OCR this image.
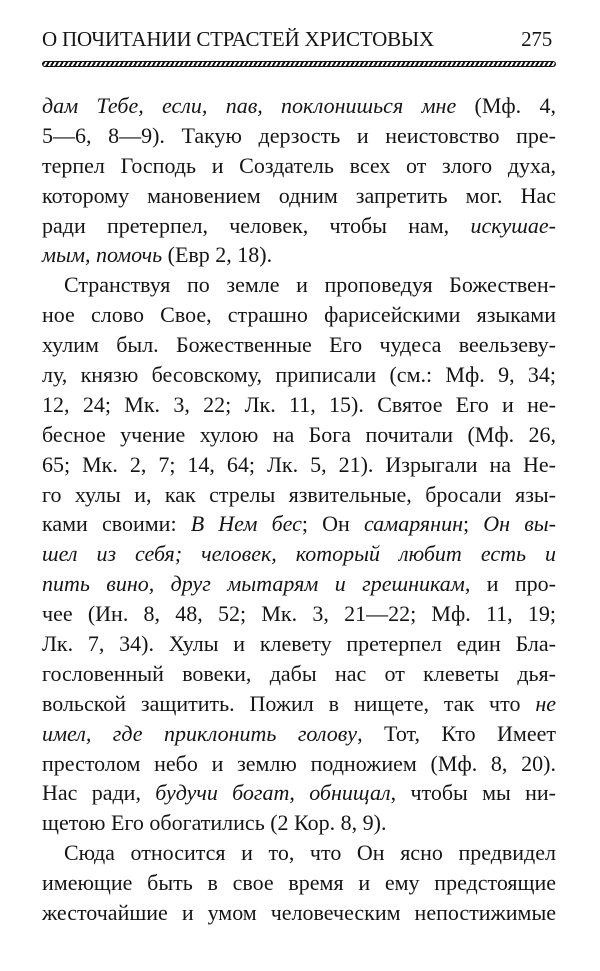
О ПОЧИТАНИИ СТРАСТЕЙ ХРИСТОВЫХ	275
дам Тебе, если, пав, поклонишься мне (Мф. 4,
5—6, 8—9). Такую дерзость и неистовство пре-
терпел Господь и Создатель всех от злого духа,
которому мановением одним запретить мог. Нас
ради претерпел, человек, чтобы нам, искушае-
мым, помочь (Евр 2, 18).
Странствуя по земле и проповедуя Божествен-
ное слово Свое, страшно фарисейскими языками
хулим был. Божественные Его чудеса веельзеву-
лу, князю бесовскому, приписали (см.: Мф. 9, 34;
12, 24; Мк. 3, 22; Лк. 11, 15). Святое Его и не-
бесное учение хулою на Бога почитали (Мф. 26,
65; Мк. 2, 7; 14, 64; Лк. 5, 21). Изрыгали на Не-
го хулы и, как стрелы язвительные, бросали язы-
ками своими: В Нем бес; Он самарянин; Он вы-
шел из себя; человек, который любит есть и
пить вино, друг мытарям и грешникам, и про-
чее (Ин. 8, 48, 52; Мк. 3, 21—22; Мф. 11, 19;
Лк. 7, 34). Хулы и клевету претерпел един Бла-
гословенный вовеки, дабы нас от клеветы дья-
вольской защитить. Пожил в нищете, так что не
имел, где приклонить голову, Тот, Кто Имеет
престолом небо и землю подножием (Мф. 8, 20).
Нас ради, будучи богат, обнищал, чтобы мы ни-
щетою Его обогатились (2 Кор. 8, 9).
Сюда относится и то, что Он ясно предвидел
имеющие быть в свое время и ему предстоящие
жесточайшие и умом человеческим непостижимые
